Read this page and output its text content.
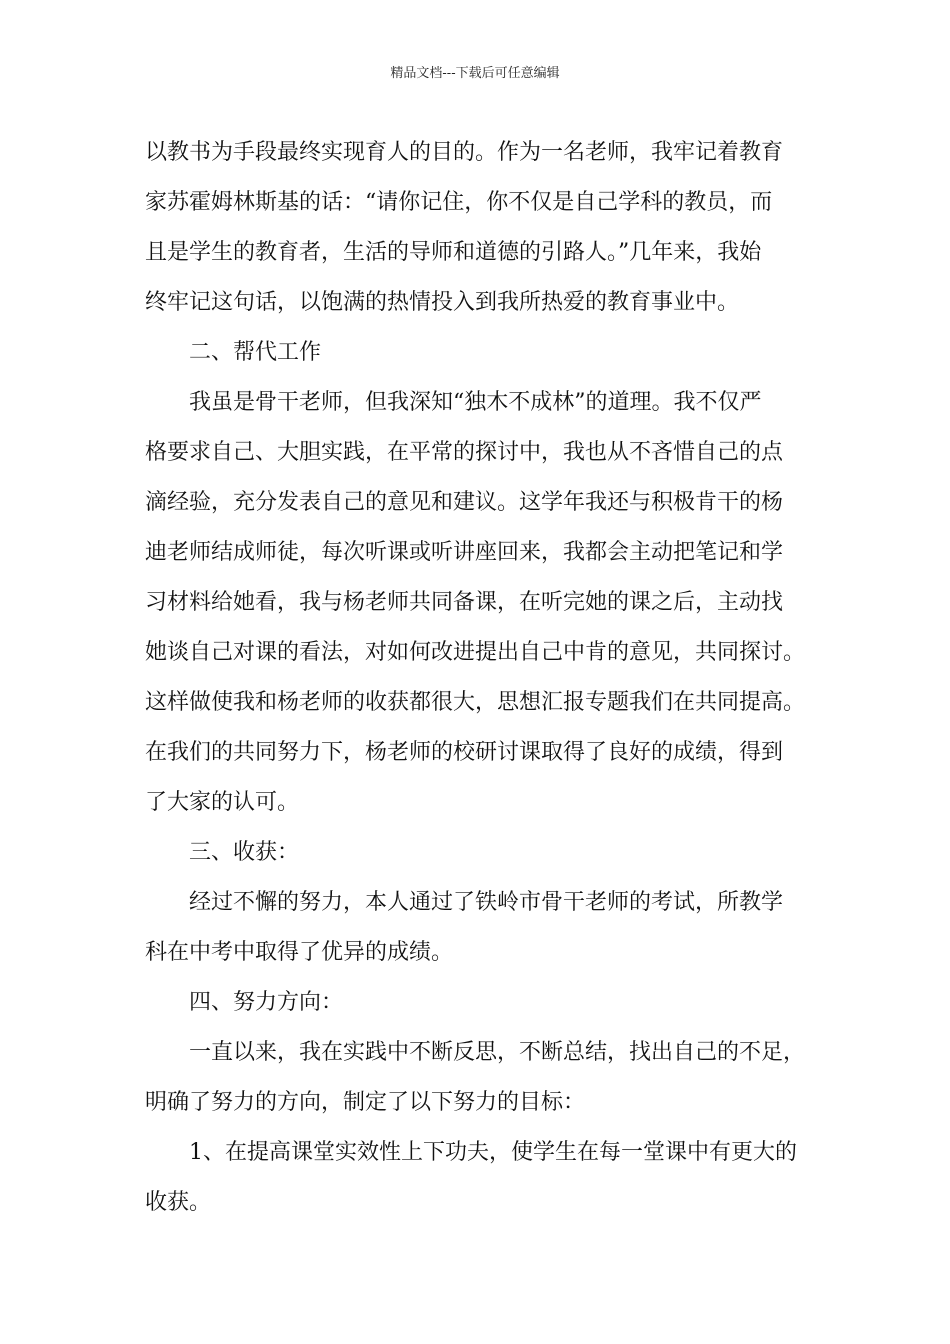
精品文档---下载后可任意编辑
以教书为手段最终实现育人的目的。作为一名老师，我牢记着教育
家苏霍姆林斯基的话：“请你记住，你不仅是自己学科的教员，而
且是学生的教育者，生活的导师和道德的引路人。”几年来，我始
终牢记这句话，以饱满的热情投入到我所热爱的教育事业中。
二、帮代工作
我虽是骨干老师，但我深知“独木不成林”的道理。我不仅严
格要求自己、大胆实践，在平常的探讨中，我也从不吝惜自己的点
滴经验，充分发表自己的意见和建议。这学年我还与积极肯干的杨
迪老师结成师徒，每次听课或听讲座回来，我都会主动把笔记和学
习材料给她看，我与杨老师共同备课，在听完她的课之后，主动找
她谈自己对课的看法，对如何改进提出自己中肯的意见，共同探讨。
这样做使我和杨老师的收获都很大，思想汇报专题我们在共同提高。
在我们的共同努力下，杨老师的校研讨课取得了良好的成绩，得到
了大家的认可。
三、收获：
经过不懈的努力，本人通过了铁岭市骨干老师的考试，所教学
科在中考中取得了优异的成绩。
四、努力方向：
一直以来，我在实践中不断反思，不断总结，找出自己的不足，
明确了努力的方向，制定了以下努力的目标：
1、在提高课堂实效性上下功夫，使学生在每一堂课中有更大的
收获。
